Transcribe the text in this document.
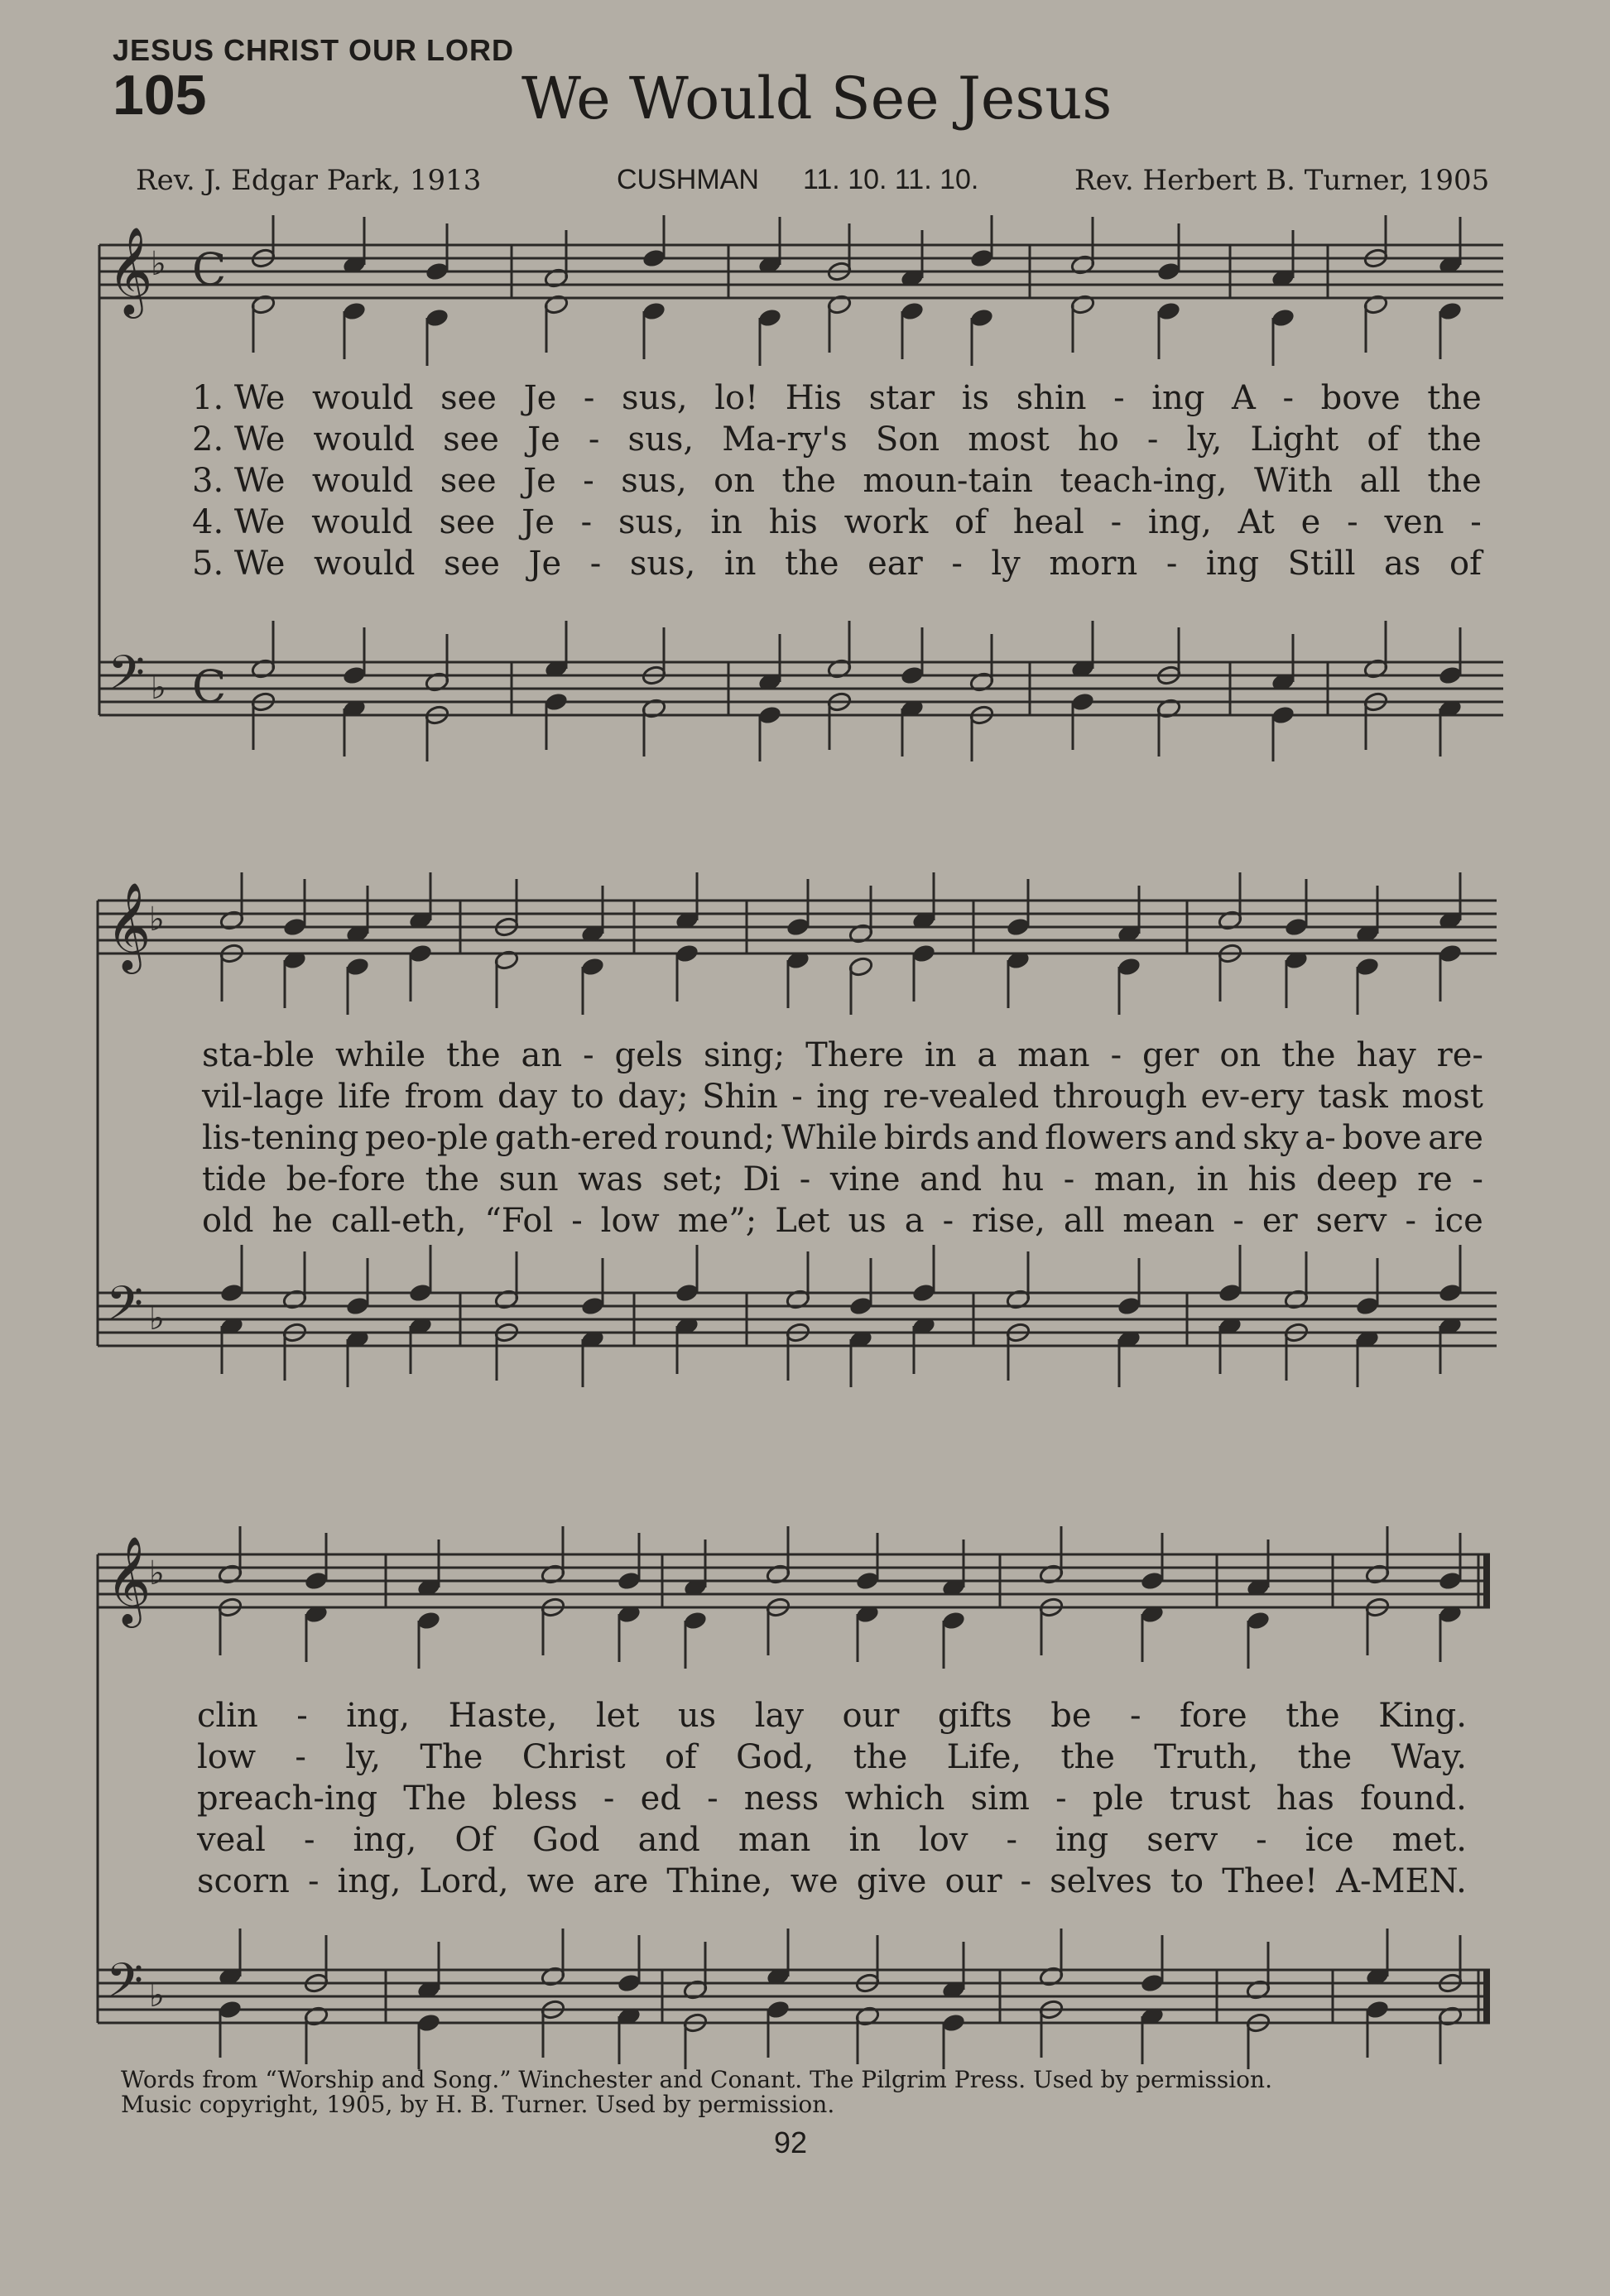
JESUS CHRIST OUR LORD
105	We Would See Jesus
Rev. J. Edgar Park, 1913	CUSHMAN 11. 10. 11. 10.	Rev. Herbert B. Turner, 1905
𝄞
𝄢
♭
♭
C
C
𝄞
𝄢
♭
♭
𝄞
𝄢
♭
♭
1. We would see Je - sus, lo! His star is shin - ing A - bove the
2. We would see Je - sus, Ma-ry's Son most ho - ly, Light of the
3. We would see Je - sus, on the moun-tain teach-ing, With all the
4. We would see Je - sus, in his work of heal - ing, At e - ven -
5. We would see Je - sus, in the ear - ly morn - ing Still as of
sta-ble while the an - gels sing; There in a man - ger on the hay re-
vil-lage life from day to day; Shin - ing re-vealed through ev-ery task most
lis-tening peo-ple gath-ered round; While birds and flowers and sky a- bove are
tide be-fore the sun was set; Di - vine and hu - man, in his deep re -
old he call-eth, “Fol - low me”; Let us a - rise, all mean - er serv - ice
clin - ing, Haste, let us lay our gifts be - fore the King.
low - ly, The Christ of God, the Life, the Truth, the Way.
preach-ing The bless - ed - ness which sim - ple trust has found.
veal - ing, Of God and man in lov - ing serv - ice met.
scorn - ing, Lord, we are Thine, we give our - selves to Thee! A-MEN.
Words from “Worship and Song.” Winchester and Conant. The Pilgrim Press. Used by permission.
Music copyright, 1905, by H. B. Turner. Used by permission.
92
